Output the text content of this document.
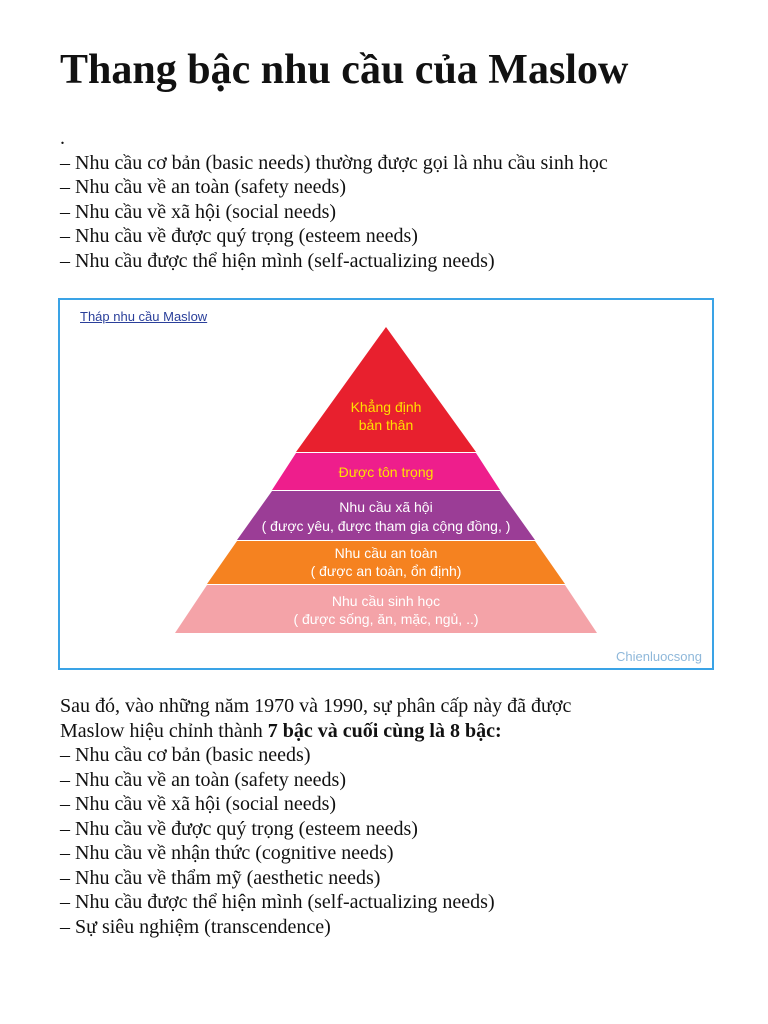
Thang bậc nhu cầu của Maslow
.
– Nhu cầu cơ bản (basic needs) thường được gọi là nhu cầu sinh học
– Nhu cầu về an toàn (safety needs)
– Nhu cầu về xã hội (social needs)
– Nhu cầu về được quý trọng (esteem needs)
– Nhu cầu được thể hiện mình (self-actualizing needs)
Tháp nhu cầu Maslow
Khẳng định
bản thân
Được tôn trọng
Nhu cầu xã hội
( được yêu, được tham gia cộng đồng, )
Nhu cầu an toàn
( được an toàn, ổn định)
Nhu cầu sinh học
( được sống, ăn, mặc, ngủ, ..)
Chienluocsong
Sau đó, vào những năm 1970 và 1990, sự phân cấp này đã được
Maslow hiệu chỉnh thành 7 bậc và cuối cùng là 8 bậc:
– Nhu cầu cơ bản (basic needs)
– Nhu cầu về an toàn (safety needs)
– Nhu cầu về xã hội (social needs)
– Nhu cầu về được quý trọng (esteem needs)
– Nhu cầu về nhận thức (cognitive needs)
– Nhu cầu về thẩm mỹ (aesthetic needs)
– Nhu cầu được thể hiện mình (self-actualizing needs)
– Sự siêu nghiệm (transcendence)
